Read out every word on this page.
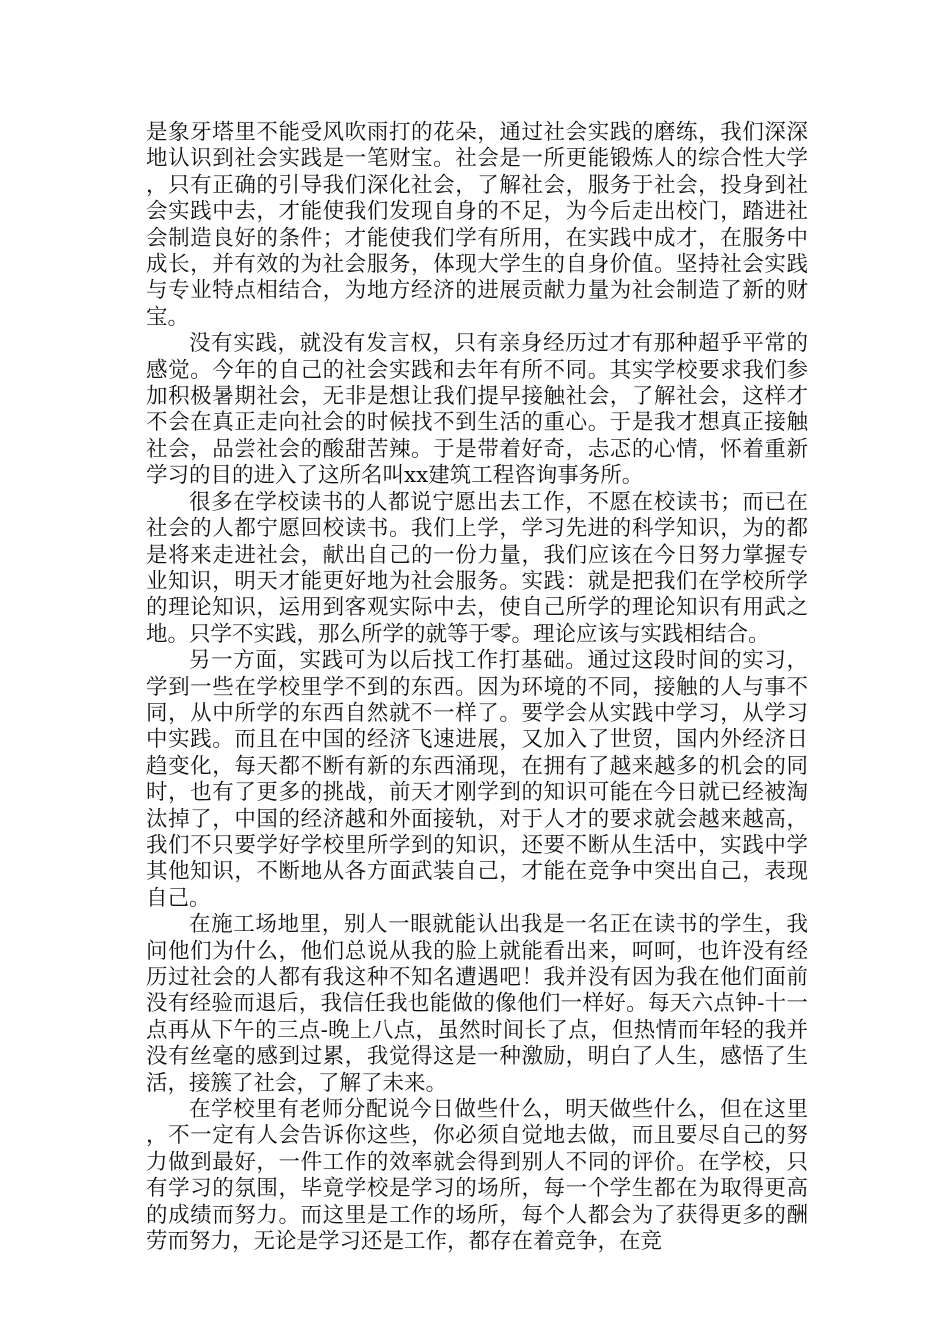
是象牙塔里不能受风吹雨打的花朵，通过社会实践的磨练，我们深深地认识到社会实践是一笔财宝。社会是一所更能锻炼人的综合性大学，只有正确的引导我们深化社会，了解社会，服务于社会，投身到社会实践中去，才能使我们发现自身的不足，为今后走出校门，踏进社会制造良好的条件；才能使我们学有所用，在实践中成才，在服务中成长，并有效的为社会服务，体现大学生的自身价值。坚持社会实践与专业特点相结合，为地方经济的进展贡献力量为社会制造了新的财宝。

没有实践，就没有发言权，只有亲身经历过才有那种超乎平常的感觉。今年的自己的社会实践和去年有所不同。其实学校要求我们参加积极暑期社会，无非是想让我们提早接触社会，了解社会，这样才不会在真正走向社会的时候找不到生活的重心。于是我才想真正接触社会，品尝社会的酸甜苦辣。于是带着好奇，忐忑的心情，怀着重新学习的目的进入了这所名叫xx建筑工程咨询事务所。

很多在学校读书的人都说宁愿出去工作，不愿在校读书；而已在社会的人都宁愿回校读书。我们上学，学习先进的科学知识，为的都是将来走进社会，献出自己的一份力量，我们应该在今日努力掌握专业知识，明天才能更好地为社会服务。实践：就是把我们在学校所学的理论知识，运用到客观实际中去，使自己所学的理论知识有用武之地。只学不实践，那么所学的就等于零。理论应该与实践相结合。

另一方面，实践可为以后找工作打基础。通过这段时间的实习，学到一些在学校里学不到的东西。因为环境的不同，接触的人与事不同，从中所学的东西自然就不一样了。要学会从实践中学习，从学习中实践。而且在中国的经济飞速进展，又加入了世贸，国内外经济日趋变化，每天都不断有新的东西涌现，在拥有了越来越多的机会的同时，也有了更多的挑战，前天才刚学到的知识可能在今日就已经被淘汰掉了，中国的经济越和外面接轨，对于人才的要求就会越来越高，我们不只要学好学校里所学到的知识，还要不断从生活中，实践中学其他知识，不断地从各方面武装自己，才能在竞争中突出自己，表现自己。

在施工场地里，别人一眼就能认出我是一名正在读书的学生，我问他们为什么，他们总说从我的脸上就能看出来，呵呵，也许没有经历过社会的人都有我这种不知名遭遇吧！我并没有因为我在他们面前没有经验而退后，我信任我也能做的像他们一样好。每天六点钟-十一点再从下午的三点-晚上八点，虽然时间长了点，但热情而年轻的我并没有丝毫的感到过累，我觉得这是一种激励，明白了人生，感悟了生活，接簇了社会，了解了未来。

在学校里有老师分配说今日做些什么，明天做些什么，但在这里，不一定有人会告诉你这些，你必须自觉地去做，而且要尽自己的努力做到最好，一件工作的效率就会得到别人不同的评价。在学校，只有学习的氛围，毕竟学校是学习的场所，每一个学生都在为取得更高的成绩而努力。而这里是工作的场所，每个人都会为了获得更多的酬劳而努力，无论是学习还是工作，都存在着竞争，在竞
